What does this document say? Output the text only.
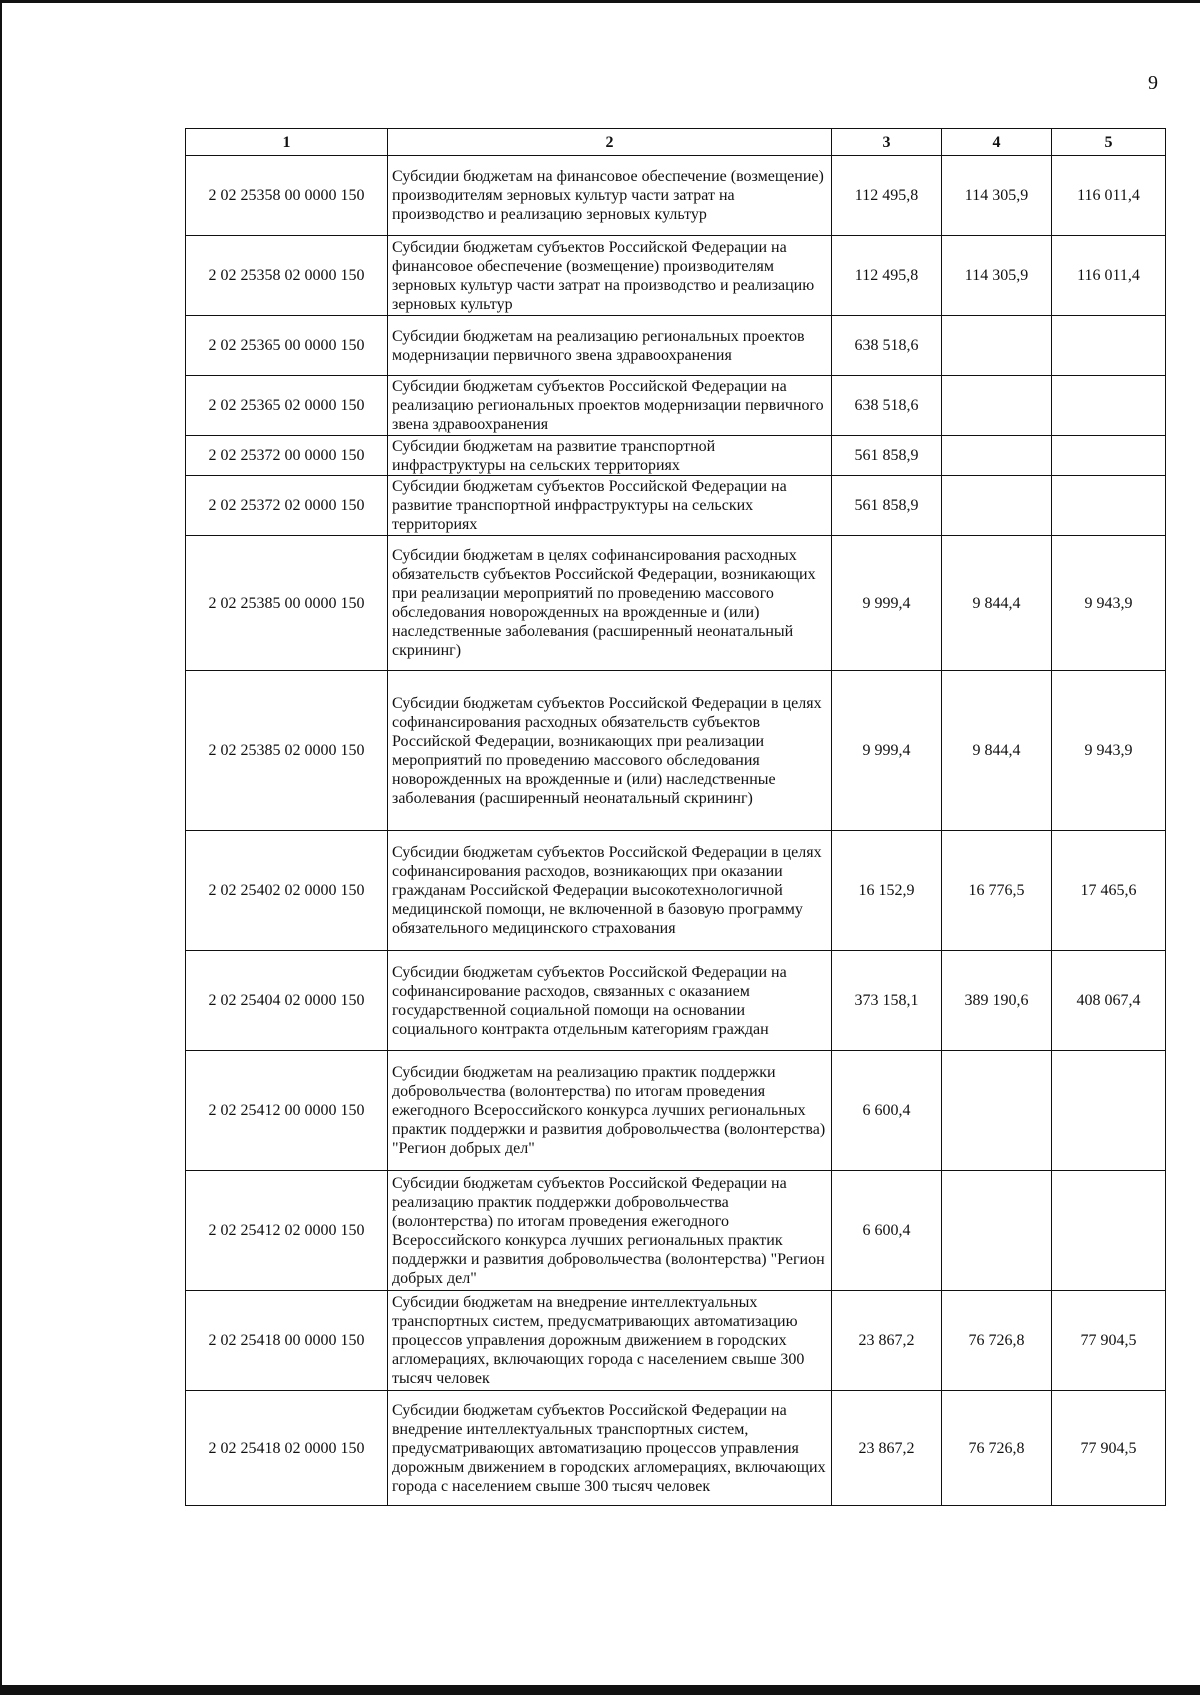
9
1	2	3	4	5
2 02 25358 00 0000 150	Субсидии бюджетам на финансовое обеспечение (возмещение) производителям зерновых культур части затрат на производство и реализацию зерновых культур	112 495,8	114 305,9	116 011,4
2 02 25358 02 0000 150	Субсидии бюджетам субъектов Российской Федерации на финансовое обеспечение (возмещение) производителям зерновых культур части затрат на производство и реализацию зерновых культур	112 495,8	114 305,9	116 011,4
2 02 25365 00 0000 150	Субсидии бюджетам на реализацию региональных проектов модернизации первичного звена здравоохранения	638 518,6		
2 02 25365 02 0000 150	Субсидии бюджетам субъектов Российской Федерации на реализацию региональных проектов модернизации первичного звена здравоохранения	638 518,6		
2 02 25372 00 0000 150	Субсидии бюджетам на развитие транспортной инфраструктуры на сельских территориях	561 858,9		
2 02 25372 02 0000 150	Субсидии бюджетам субъектов Российской Федерации на развитие транспортной инфраструктуры на сельских территориях	561 858,9		
2 02 25385 00 0000 150	Субсидии бюджетам в целях софинансирования расходных обязательств субъектов Российской Федерации, возникающих при реализации мероприятий по проведению массового обследования новорожденных на врожденные и (или) наследственные заболевания (расширенный неонатальный скрининг)	9 999,4	9 844,4	9 943,9
2 02 25385 02 0000 150	Субсидии бюджетам субъектов Российской Федерации в целях софинансирования расходных обязательств субъектов Российской Федерации, возникающих при реализации мероприятий по проведению массового обследования новорожденных на врожденные и (или) наследственные заболевания (расширенный неонатальный скрининг)	9 999,4	9 844,4	9 943,9
2 02 25402 02 0000 150	Субсидии бюджетам субъектов Российской Федерации в целях софинансирования расходов, возникающих при оказании гражданам Российской Федерации высокотехнологичной медицинской помощи, не включенной в базовую программу обязательного медицинского страхования	16 152,9	16 776,5	17 465,6
2 02 25404 02 0000 150	Субсидии бюджетам субъектов Российской Федерации на софинансирование расходов, связанных с оказанием государственной социальной помощи на основании социального контракта отдельным категориям граждан	373 158,1	389 190,6	408 067,4
2 02 25412 00 0000 150	Субсидии бюджетам на реализацию практик поддержки добровольчества (волонтерства) по итогам проведения ежегодного Всероссийского конкурса лучших региональных практик поддержки и развития добровольчества (волонтерства) "Регион добрых дел"	6 600,4		
2 02 25412 02 0000 150	Субсидии бюджетам субъектов Российской Федерации на реализацию практик поддержки добровольчества (волонтерства) по итогам проведения ежегодного Всероссийского конкурса лучших региональных практик поддержки и развития добровольчества (волонтерства) "Регион добрых дел"	6 600,4		
2 02 25418 00 0000 150	Субсидии бюджетам на внедрение интеллектуальных транспортных систем, предусматривающих автоматизацию процессов управления дорожным движением в городских агломерациях, включающих города с населением свыше 300 тысяч человек	23 867,2	76 726,8	77 904,5
2 02 25418 02 0000 150	Субсидии бюджетам субъектов Российской Федерации на внедрение интеллектуальных транспортных систем, предусматривающих автоматизацию процессов управления дорожным движением в городских агломерациях, включающих города с населением свыше 300 тысяч человек	23 867,2	76 726,8	77 904,5
